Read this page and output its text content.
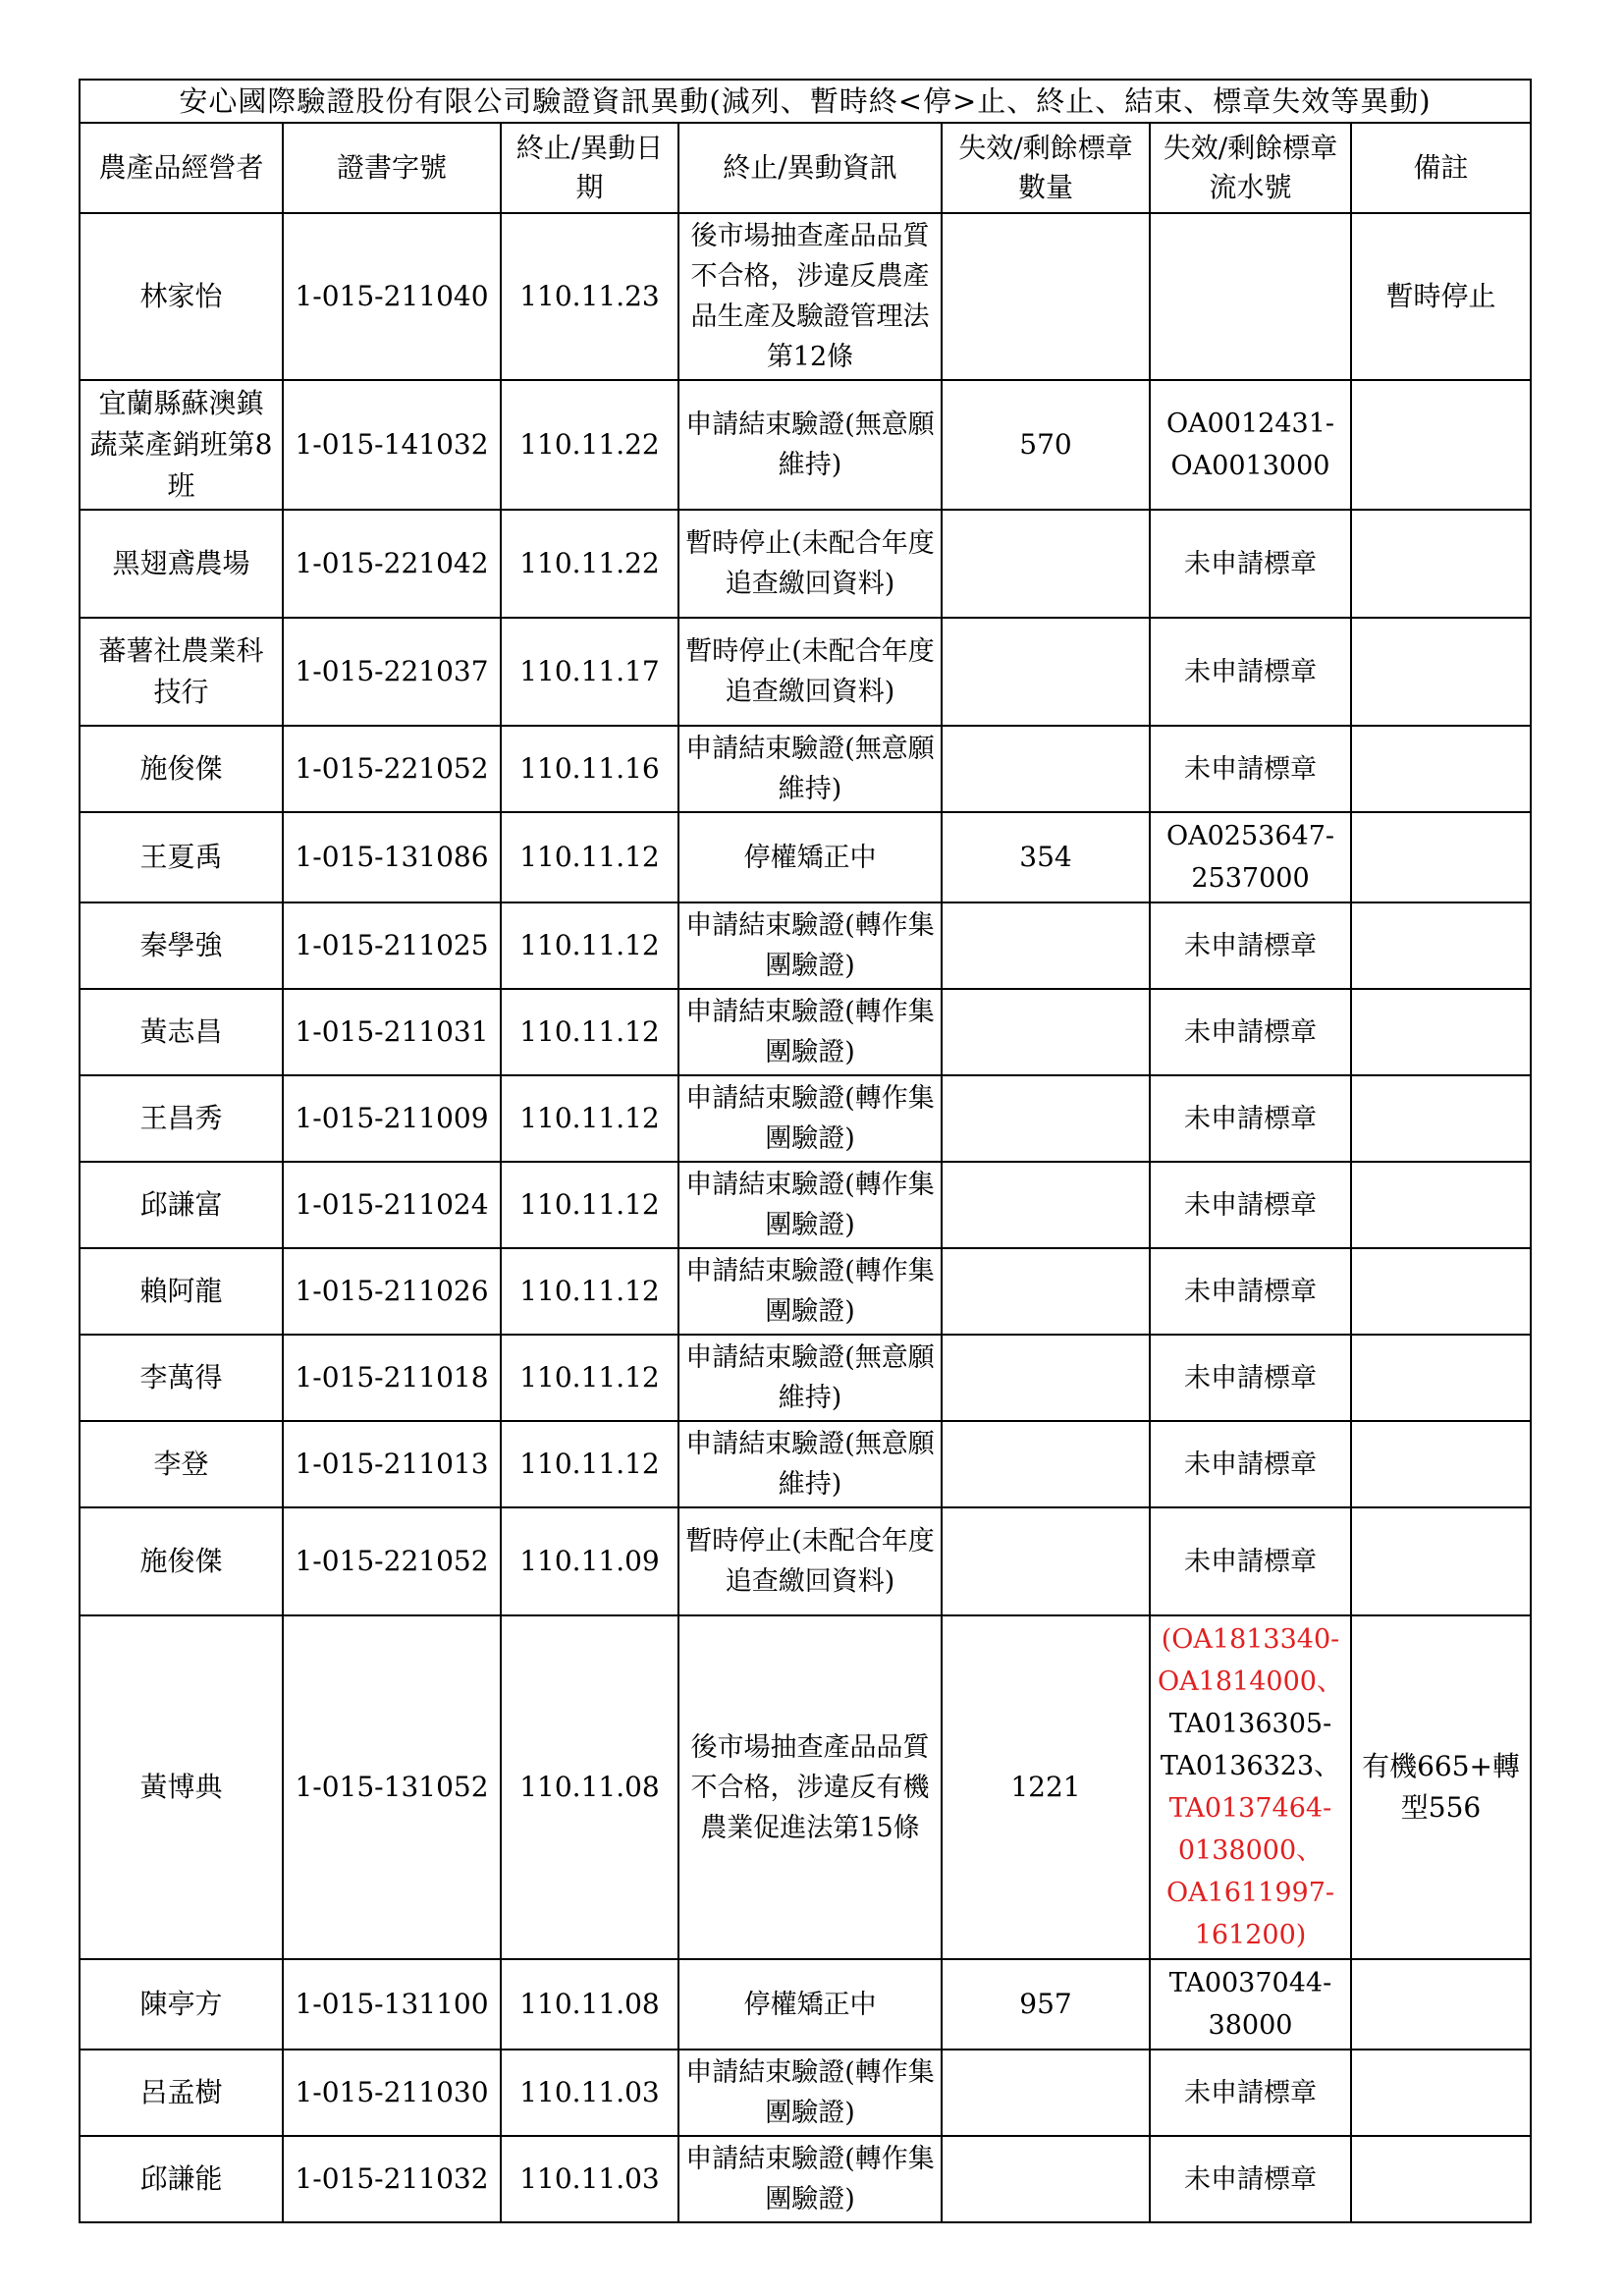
安心國際驗證股份有限公司驗證資訊異動(減列、暫時終<停>止、終止、結束、標章失效等異動)						
農產品經營者	證書字號	終止/異動日期	終止/異動資訊	失效/剩餘標章數量	失效/剩餘標章流水號	備註
林家怡	1-015-211040	110.11.23	後市場抽查產品品質不合格，涉違反農產品生產及驗證管理法第12條			暫時停止
宜蘭縣蘇澳鎮蔬菜產銷班第8班	1-015-141032	110.11.22	申請結束驗證(無意願維持)	570	OA0012431-OA0013000	
黑翅鳶農場	1-015-221042	110.11.22	暫時停止(未配合年度追查繳回資料)		未申請標章	
蕃薯社農業科技行	1-015-221037	110.11.17	暫時停止(未配合年度追查繳回資料)		未申請標章	
施俊傑	1-015-221052	110.11.16	申請結束驗證(無意願維持)		未申請標章	
王夏禹	1-015-131086	110.11.12	停權矯正中	354	OA0253647-2537000	
秦學強	1-015-211025	110.11.12	申請結束驗證(轉作集團驗證)		未申請標章	
黃志昌	1-015-211031	110.11.12	申請結束驗證(轉作集團驗證)		未申請標章	
王昌秀	1-015-211009	110.11.12	申請結束驗證(轉作集團驗證)		未申請標章	
邱謙富	1-015-211024	110.11.12	申請結束驗證(轉作集團驗證)		未申請標章	
賴阿龍	1-015-211026	110.11.12	申請結束驗證(轉作集團驗證)		未申請標章	
李萬得	1-015-211018	110.11.12	申請結束驗證(無意願維持)		未申請標章	
李登	1-015-211013	110.11.12	申請結束驗證(無意願維持)		未申請標章	
施俊傑	1-015-221052	110.11.09	暫時停止(未配合年度追查繳回資料)		未申請標章	
黃博典	1-015-131052	110.11.08	後市場抽查產品品質不合格，涉違反有機農業促進法第15條	1221	(OA1813340-OA1814000、TA0136305-TA0136323、TA0137464-0138000、OA1611997-161200)	有機665+轉型556
陳亭方	1-015-131100	110.11.08	停權矯正中	957	TA0037044-38000	
呂孟樹	1-015-211030	110.11.03	申請結束驗證(轉作集團驗證)		未申請標章	
邱謙能	1-015-211032	110.11.03	申請結束驗證(轉作集團驗證)		未申請標章	
